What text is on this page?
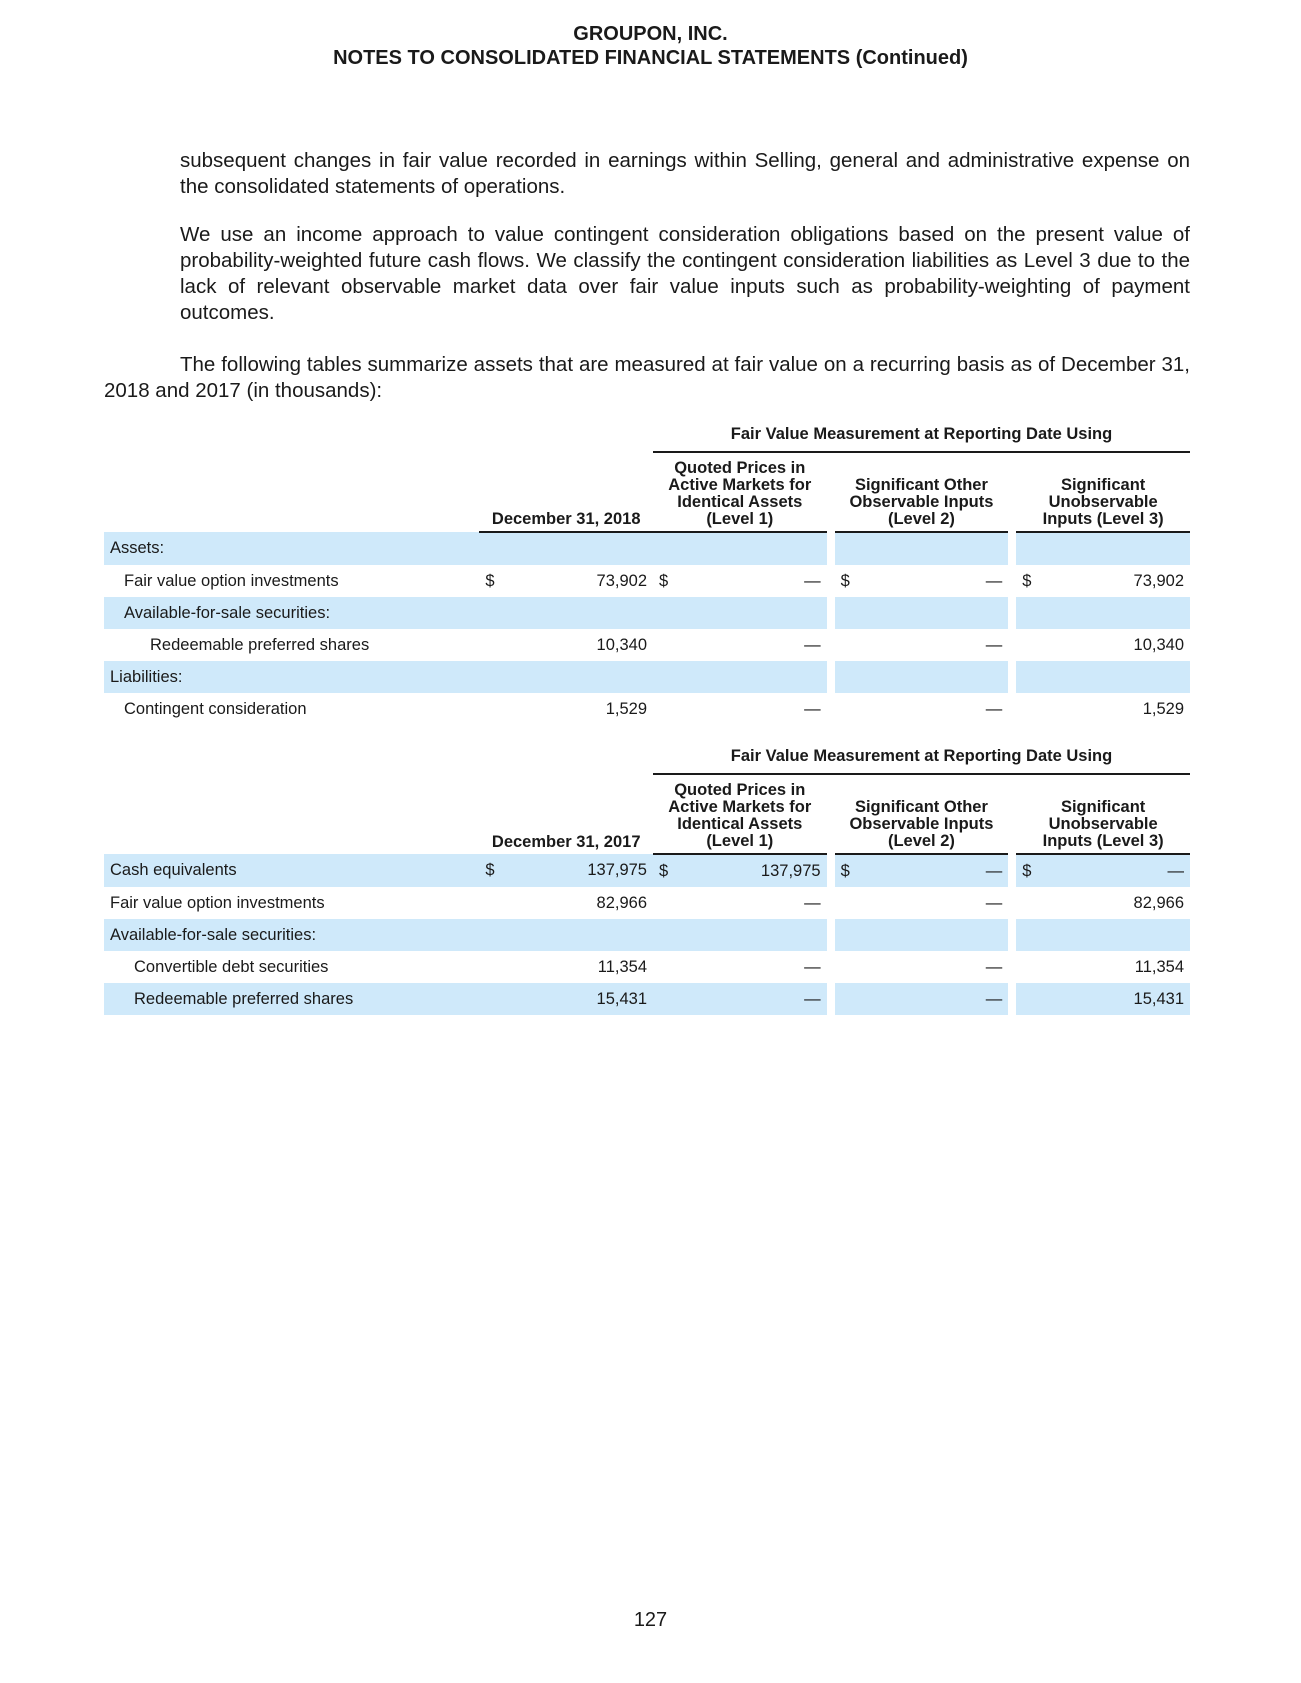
GROUPON, INC.
NOTES TO CONSOLIDATED FINANCIAL STATEMENTS (Continued)

subsequent changes in fair value recorded in earnings within Selling, general and administrative expense on the consolidated statements of operations.

We use an income approach to value contingent consideration obligations based on the present value of probability-weighted future cash flows. We classify the contingent consideration liabilities as Level 3 due to the lack of relevant observable market data over fair value inputs such as probability-weighting of payment outcomes.

The following tables summarize assets that are measured at fair value on a recurring basis as of December 31, 2018 and 2017 (in thousands):

			Fair Value Measurement at Reporting Date Using							
	December 31, 2018		Quoted Prices in Active Markets for Identical Assets (Level 1)			Significant Other Observable Inputs (Level 2)			Significant Unobservable Inputs (Level 3)	
Assets:										
Fair value option investments	$	73,902	$	—		$	—		$	73,902
Available-for-sale securities:										
Redeemable preferred shares		10,340		—			—			10,340
Liabilities:										
Contingent consideration		1,529		—			—			1,529
			Fair Value Measurement at Reporting Date Using							
	December 31, 2017		Quoted Prices in Active Markets for Identical Assets (Level 1)			Significant Other Observable Inputs (Level 2)			Significant Unobservable Inputs (Level 3)	
Cash equivalents	$	137,975	$	137,975		$	—		$	—
Fair value option investments		82,966		—			—			82,966
Available-for-sale securities:										
Convertible debt securities		11,354		—			—			11,354
Redeemable preferred shares		15,431		—			—			15,431
127
